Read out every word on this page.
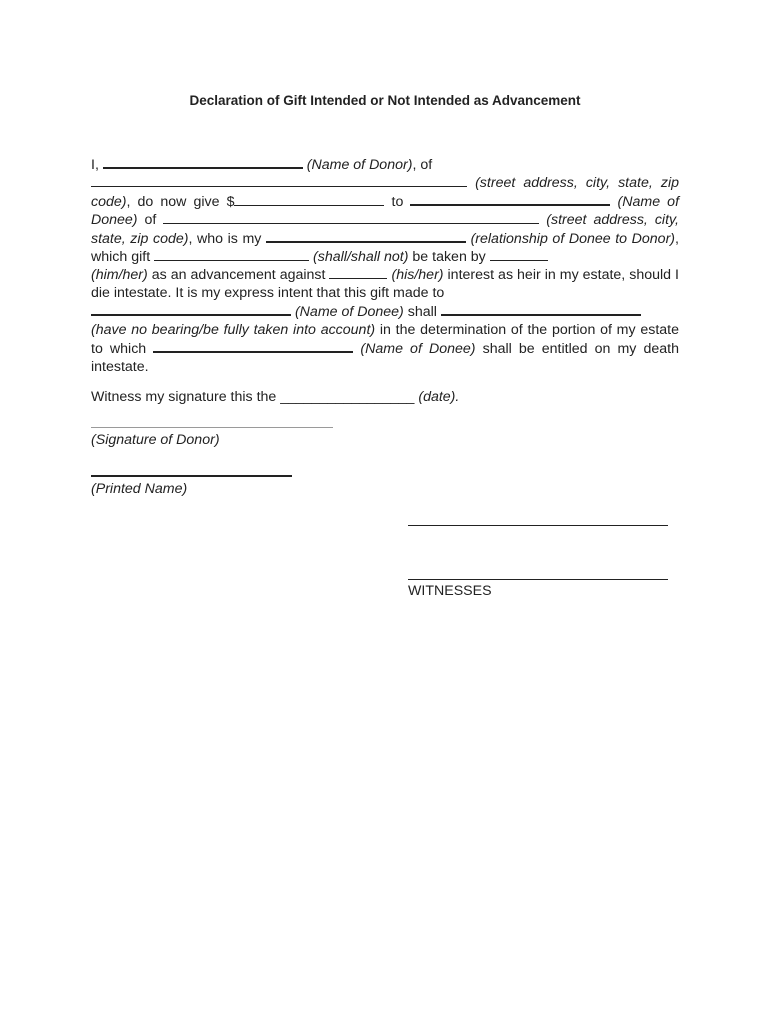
Declaration of Gift Intended or Not Intended as Advancement

I,	(Name of Donor), of
(street address, city, state, zip code), do now give $	to	(Name of Donee) of	(street address, city, state, zip code), who is my	(relationship of Donee to Donor), which gift	(shall/shall not) be taken by
(him/her) as an advancement against	(his/her) interest as heir in my estate, should I die intestate. It is my express intent that this gift made to
(Name of Donee) shall
(have no bearing/be fully taken into account) in the determination of the portion of my estate to which	(Name of Donee) shall be entitled on my death intestate.

Witness my signature this the _________________ (date).

(Signature of Donor)
(Printed Name)
WITNESSES
